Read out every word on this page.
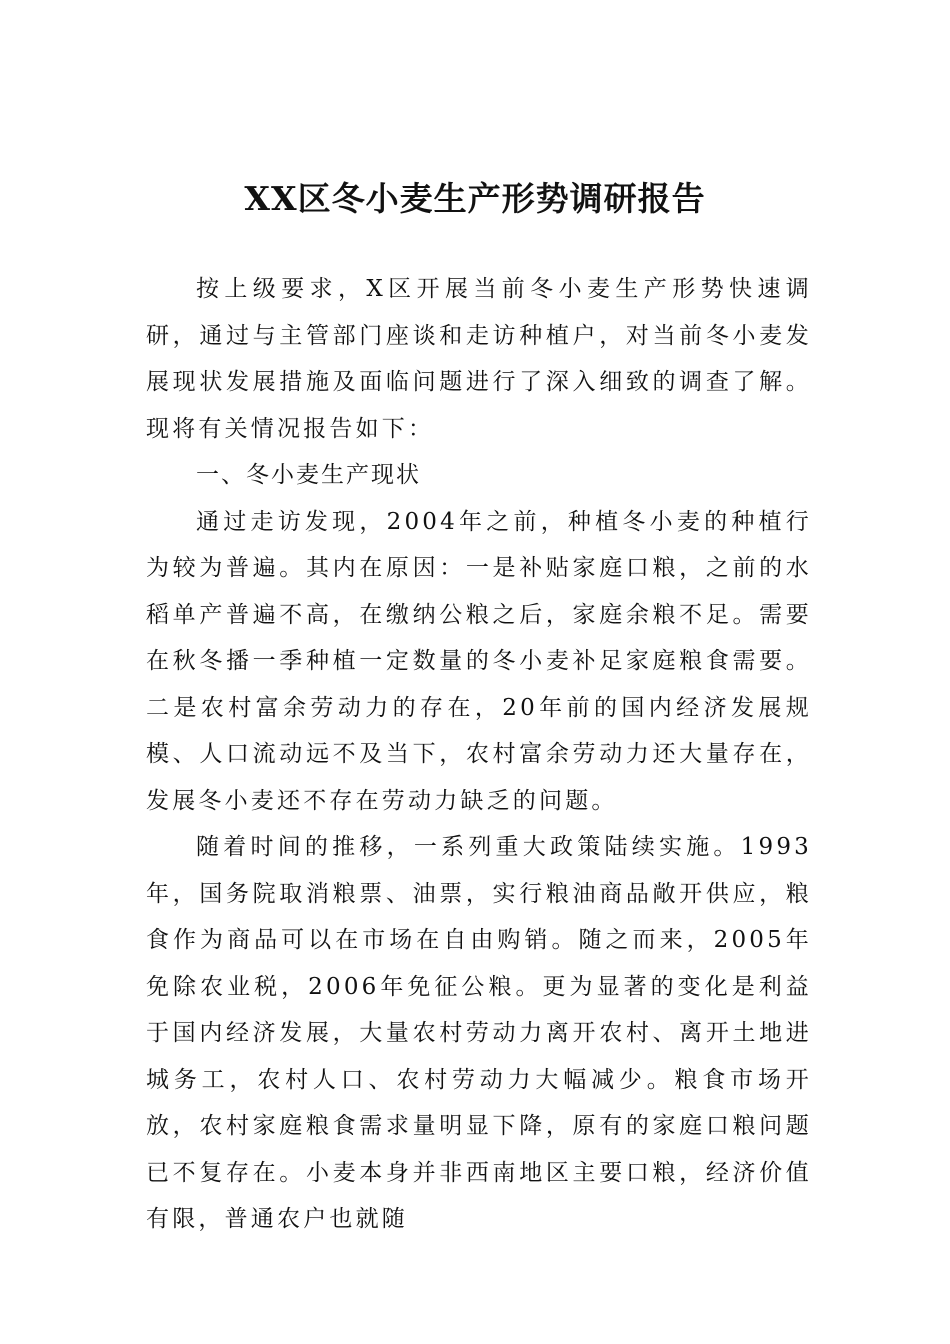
XX区冬小麦生产形势调研报告

按上级要求，X区开展当前冬小麦生产形势快速调研，通过与主管部门座谈和走访种植户，对当前冬小麦发展现状发展措施及面临问题进行了深入细致的调查了解。现将有关情况报告如下：

一、冬小麦生产现状

通过走访发现，2004年之前，种植冬小麦的种植行为较为普遍。其内在原因：一是补贴家庭口粮，之前的水稻单产普遍不高，在缴纳公粮之后，家庭余粮不足。需要在秋冬播一季种植一定数量的冬小麦补足家庭粮食需要。二是农村富余劳动力的存在，20年前的国内经济发展规模、人口流动远不及当下，农村富余劳动力还大量存在，发展冬小麦还不存在劳动力缺乏的问题。

随着时间的推移，一系列重大政策陆续实施。1993年，国务院取消粮票、油票，实行粮油商品敞开供应，粮食作为商品可以在市场在自由购销。随之而来，2005年免除农业税，2006年免征公粮。更为显著的变化是利益于国内经济发展，大量农村劳动力离开农村、离开土地进城务工，农村人口、农村劳动力大幅减少。粮食市场开放，农村家庭粮食需求量明显下降，原有的家庭口粮问题已不复存在。小麦本身并非西南地区主要口粮，经济价值有限，普通农户也就随
